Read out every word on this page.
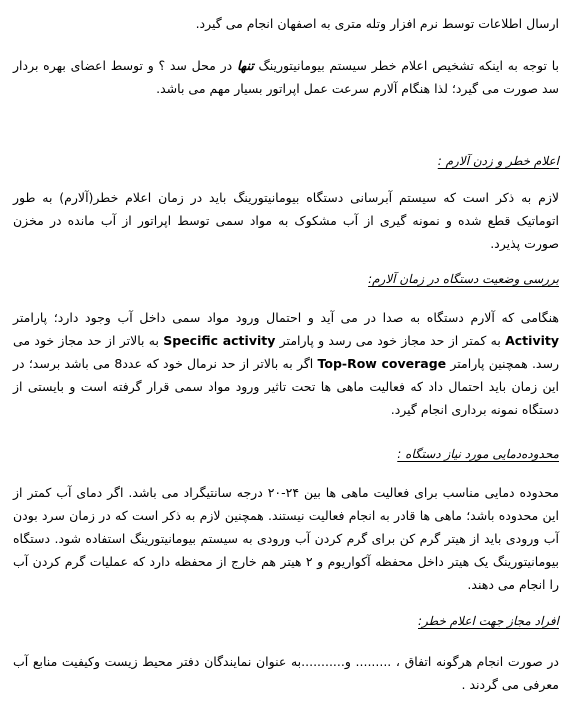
ارسال اطلاعات توسط نرم افزار وتله متری به اصفهان انجام می گیرد.

با توجه به اینکه تشخیص اعلام خطر سیستم بیومانیتورینگ تنها در محل سد ؟ و توسط اعضای بهره بردار سد صورت می گیرد؛ لذا هنگام آلارم سرعت عمل اپراتور بسیار مهم می باشد.

اعلام خطر و زدن آلارم :

لازم به ذکر است که سیستم آبرسانی دستگاه بیومانیتورینگ باید در زمان اعلام خطر(آلارم) به طور اتوماتیک قطع شده و نمونه گیری از آب مشکوک به مواد سمی توسط اپراتور از آب مانده در مخزن صورت پذیرد.

بررسی وضعیت دستگاه در زمان آلارم:

هنگامی که آلارم دستگاه به صدا در می آید و احتمال ورود مواد سمی داخل آب وجود دارد؛ پارامتر Activity به کمتر از حد مجاز خود می رسد و پارامتر Specific activity به بالاتر از حد مجاز خود می رسد. همچنین پارامتر Top-Row coverage اگر به بالاتر از حد نرمال خود که عدد8 می باشد برسد؛ در این زمان باید احتمال داد که فعالیت ماهی ها تحت تاثیر ورود مواد سمی قرار گرفته است و بایستی از دستگاه نمونه برداری انجام گیرد.

محدوده‌دمایی مورد نیاز دستگاه :

محدوده دمایی مناسب برای فعالیت ماهی ها بین ۲۴-۲۰ درجه سانتیگراد می باشد. اگر دمای آب کمتر از این محدوده باشد؛ ماهی ها قادر به انجام فعالیت نیستند. همچنین لازم به ذکر است که در زمان سرد بودن آب ورودی باید از هیتر گرم کن برای گرم کردن آب ورودی به سیستم بیومانیتورینگ استفاده شود. دستگاه بیومانیتورینگ یک هیتر داخل محفظه آکواریوم و ۲ هیتر هم خارج از محفظه دارد که عملیات گرم کردن آب را انجام می دهند.

افراد مجاز جهت اعلام خطر:

در صورت انجام هرگونه اتفاق ، ......... و...........به عنوان نمایندگان دفتر محیط زیست وکیفیت منابع آب معرفی می گردند .
